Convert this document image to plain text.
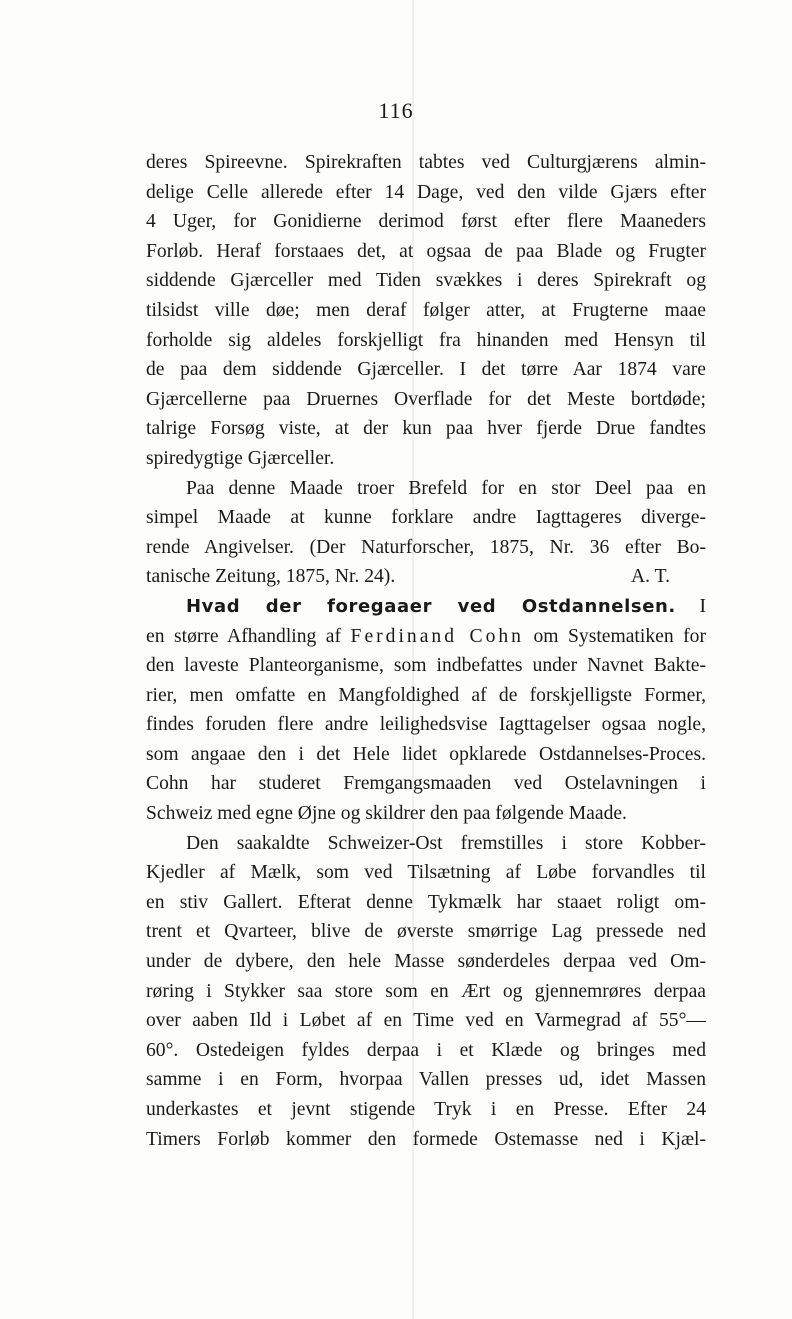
116
deres Spireevne. Spirekraften tabtes ved Culturgjærens almin-
delige Celle allerede efter 14 Dage, ved den vilde Gjærs efter
4 Uger, for Gonidierne derimod først efter flere Maaneders
Forløb. Heraf forstaaes det, at ogsaa de paa Blade og Frugter
siddende Gjærceller med Tiden svækkes i deres Spirekraft og
tilsidst ville døe; men deraf følger atter, at Frugterne maae
forholde sig aldeles forskjelligt fra hinanden med Hensyn til
de paa dem siddende Gjærceller. I det tørre Aar 1874 vare
Gjærcellerne paa Druernes Overflade for det Meste bortdøde;
talrige Forsøg viste, at der kun paa hver fjerde Drue fandtes
spiredygtige Gjærceller.
Paa denne Maade troer Brefeld for en stor Deel paa en
simpel Maade at kunne forklare andre Iagttageres diverge-
rende Angivelser. (Der Naturforscher, 1875, Nr. 36 efter Bo-
tanische Zeitung, 1875, Nr. 24).	A. T.
Hvad der foregaaer ved Ostdannelsen. I
en større Afhandling af Ferdinand Cohn om Systematiken for
den laveste Planteorganisme, som indbefattes under Navnet Bakte-
rier, men omfatte en Mangfoldighed af de forskjelligste Former,
findes foruden flere andre leilighedsvise Iagttagelser ogsaa nogle,
som angaae den i det Hele lidet opklarede Ostdannelses-Proces.
Cohn har studeret Fremgangsmaaden ved Ostelavningen i
Schweiz med egne Øjne og skildrer den paa følgende Maade.
Den saakaldte Schweizer-Ost fremstilles i store Kobber-
Kjedler af Mælk, som ved Tilsætning af Løbe forvandles til
en stiv Gallert. Efterat denne Tykmælk har staaet roligt om-
trent et Qvarteer, blive de øverste smørrige Lag pressede ned
under de dybere, den hele Masse sønderdeles derpaa ved Om-
røring i Stykker saa store som en Ært og gjennemrøres derpaa
over aaben Ild i Løbet af en Time ved en Varmegrad af 55°—
60°. Ostedeigen fyldes derpaa i et Klæde og bringes med
samme i en Form, hvorpaa Vallen presses ud, idet Massen
underkastes et jevnt stigende Tryk i en Presse. Efter 24
Timers Forløb kommer den formede Ostemasse ned i Kjæl-
